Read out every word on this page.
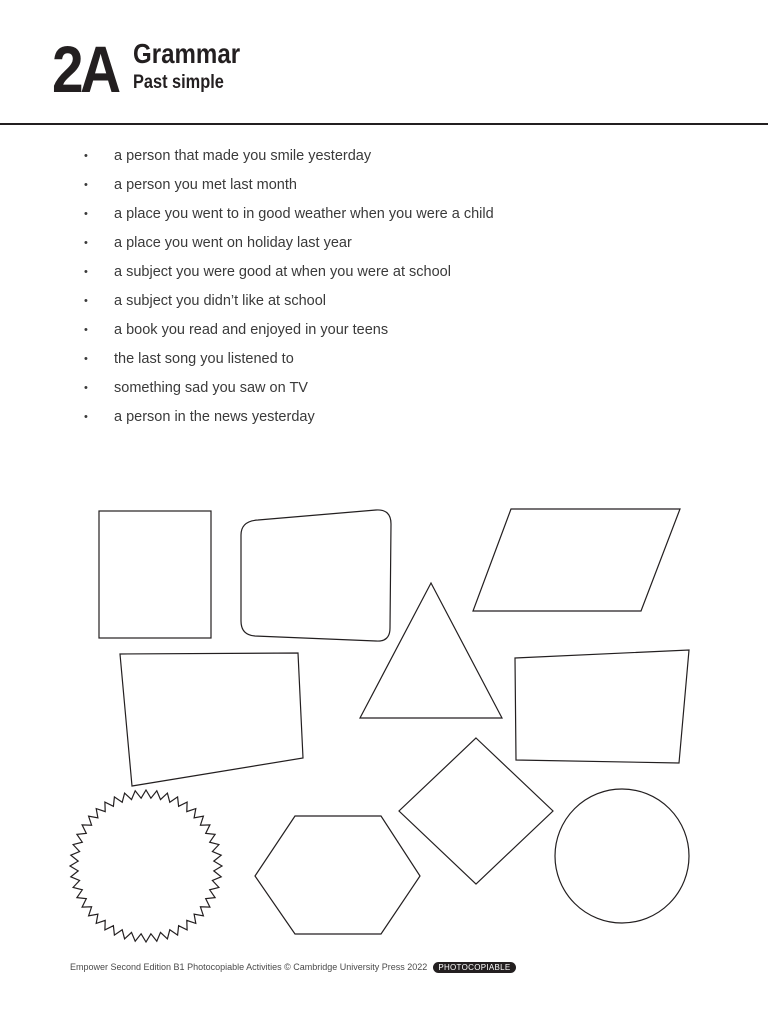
2A Grammar
Past simple
• a person that made you smile yesterday
• a person you met last month
• a place you went to in good weather when you were a child
• a place you went on holiday last year
• a subject you were good at when you were at school
• a subject you didn’t like at school
• a book you read and enjoyed in your teens
• the last song you listened to
• something sad you saw on TV
• a person in the news yesterday
Empower Second Edition B1 Photocopiable Activities © Cambridge University Press 2022 PHOTOCOPIABLE
